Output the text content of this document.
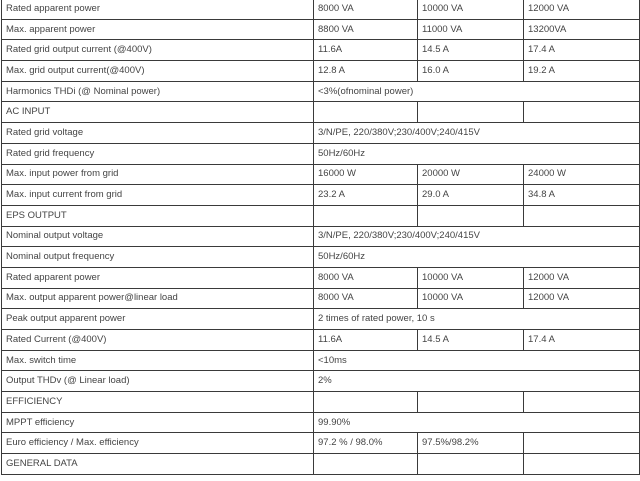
Rated apparent power	8000 VA	10000 VA	12000 VA
Max. apparent power	8800 VA	11000 VA	13200VA
Rated grid output current (@400V)	11.6A	14.5 A	17.4 A
Max. grid output current(@400V)	12.8 A	16.0 A	19.2 A
Harmonics THDi (@ Nominal power)	<3%(ofnominal power)		
AC INPUT			
Rated grid voltage	3/N/PE, 220/380V;230/400V;240/415V		
Rated grid frequency	50Hz/60Hz		
Max. input power from grid	16000 W	20000 W	24000 W
Max. input current from grid	23.2 A	29.0 A	34.8 A
EPS OUTPUT			
Nominal output voltage	3/N/PE, 220/380V;230/400V;240/415V		
Nominal output frequency	50Hz/60Hz		
Rated apparent power	8000 VA	10000 VA	12000 VA
Max. output apparent power@linear load	8000 VA	10000 VA	12000 VA
Peak output apparent power	2 times of rated power, 10 s		
Rated Current (@400V)	11.6A	14.5 A	17.4 A
Max. switch time	<10ms		
Output THDv (@ Linear load)	2%		
EFFICIENCY			
MPPT efficiency	99.90%		
Euro efficiency / Max. efficiency	97.2 % / 98.0%	97.5%/98.2%	
GENERAL DATA			
